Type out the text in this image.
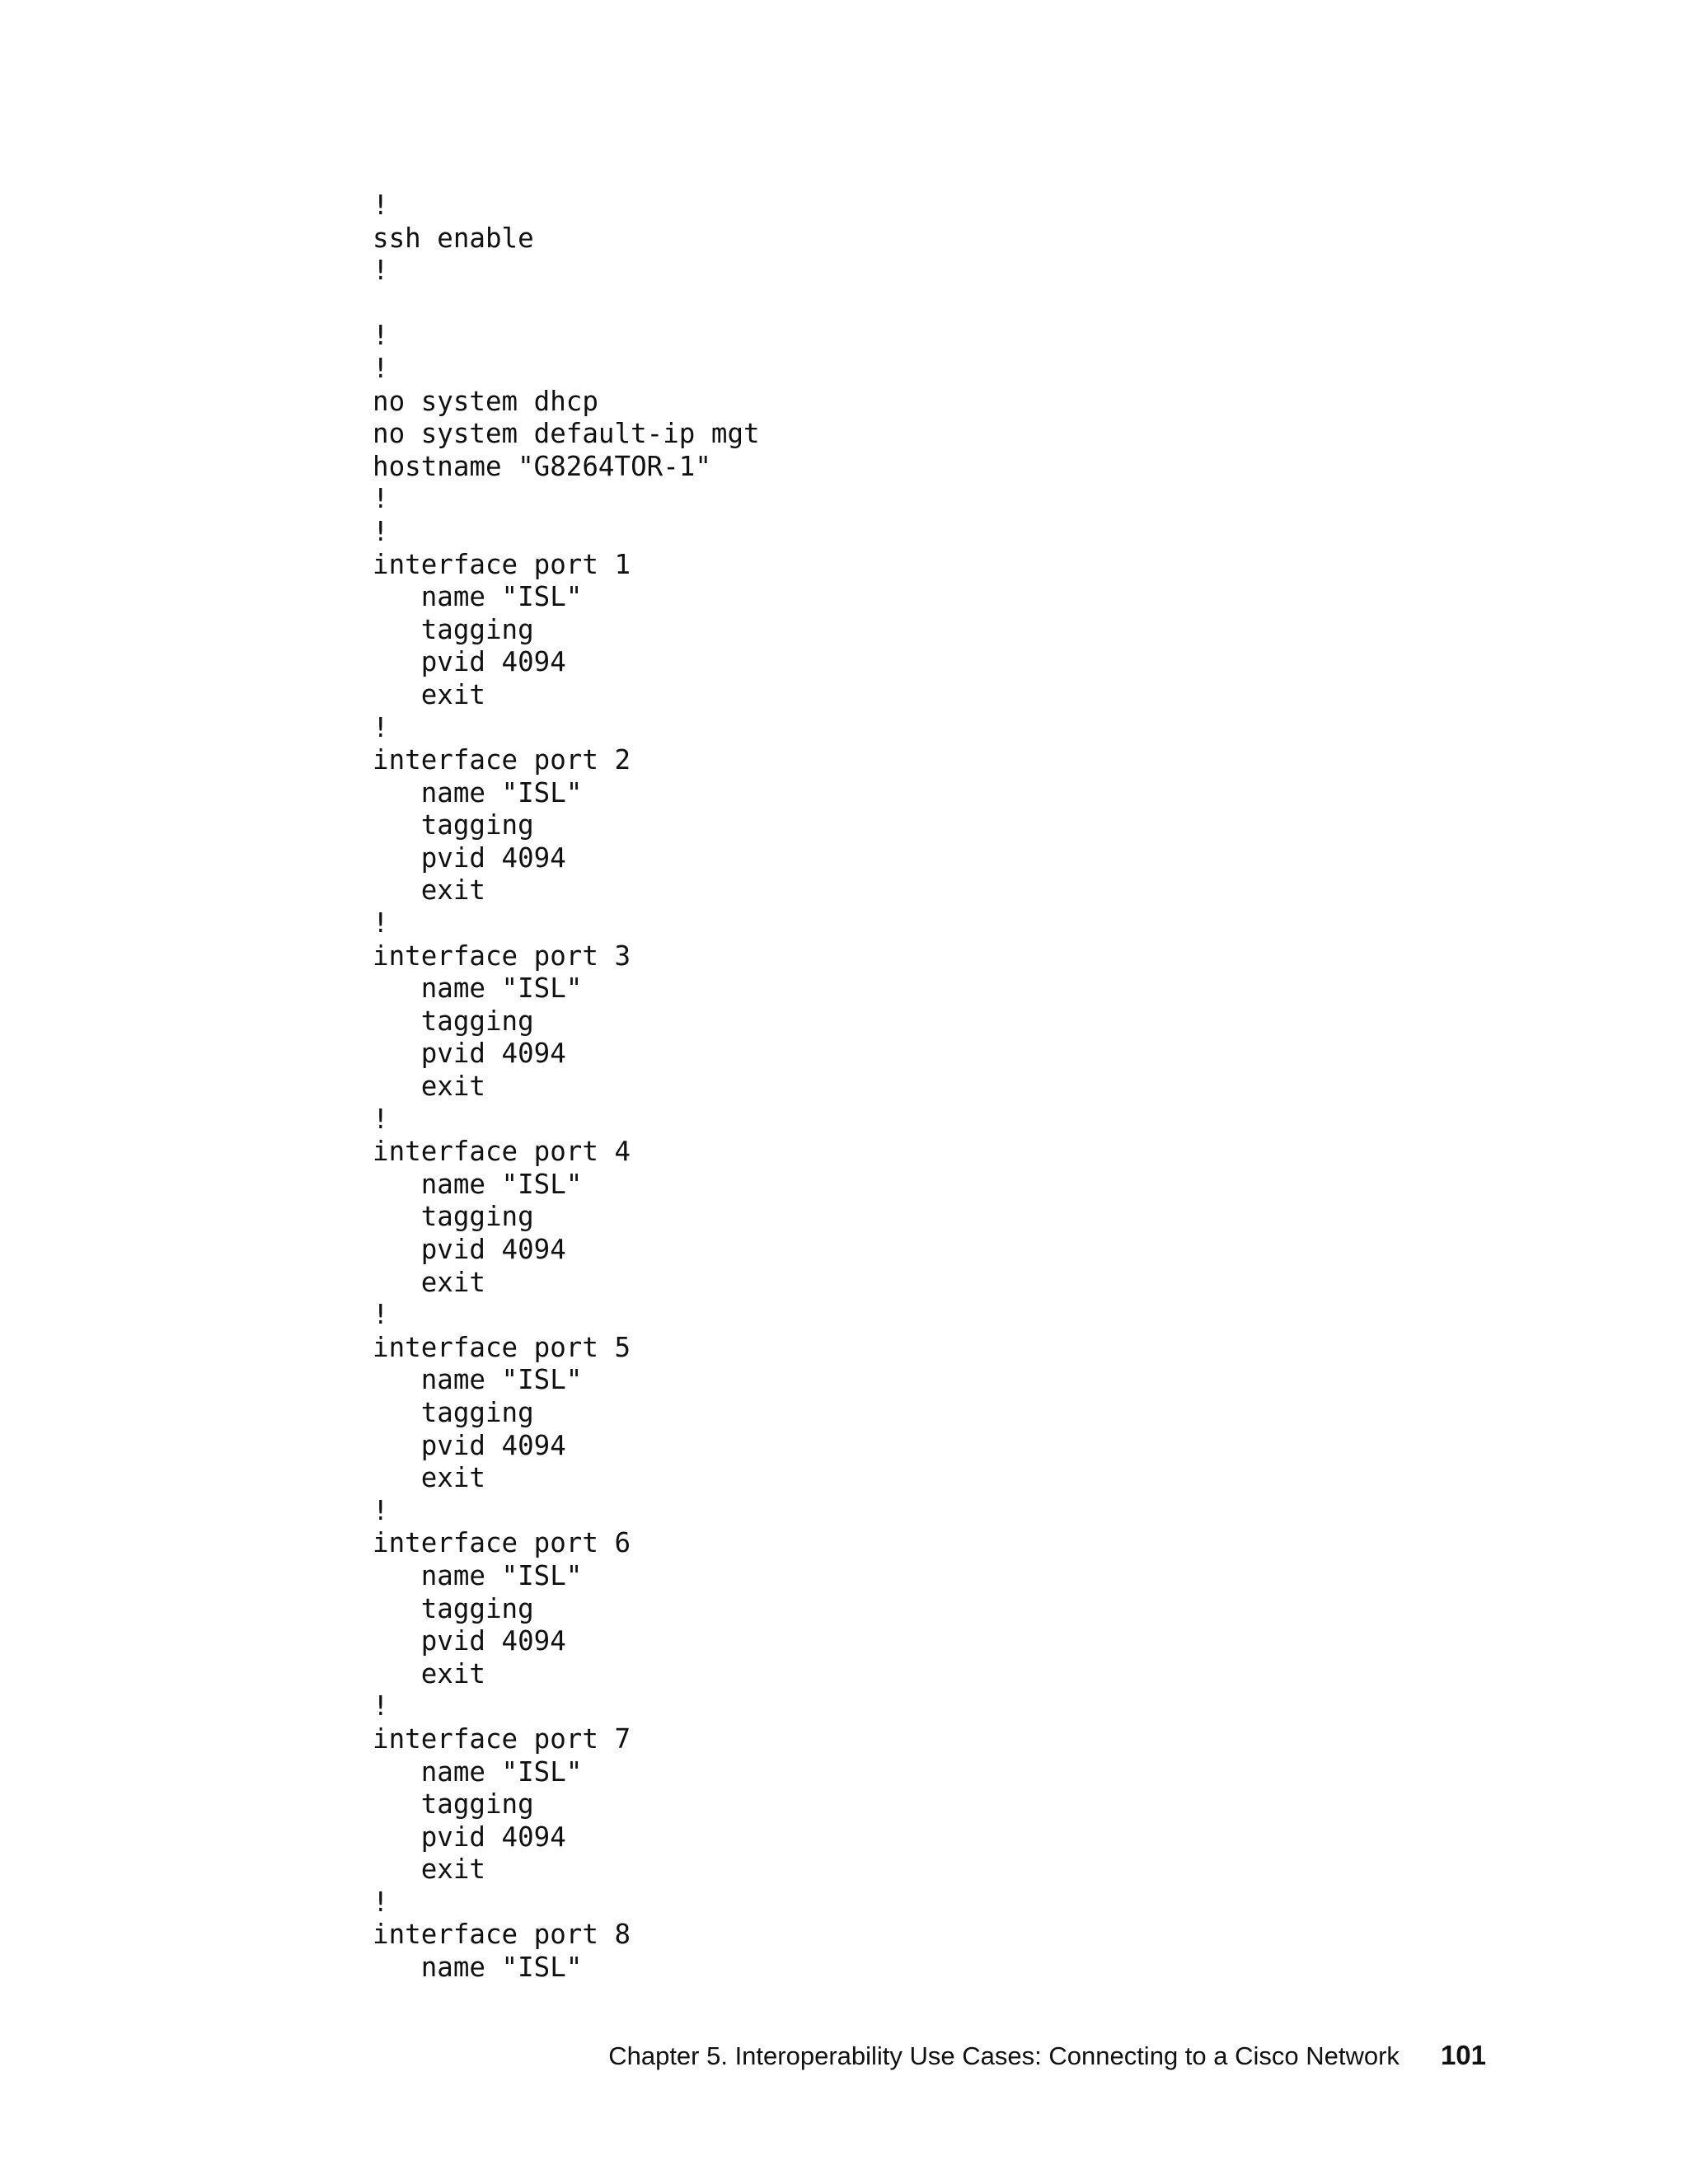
!
ssh enable
!
!
!
no system dhcp
no system default-ip mgt
hostname "G8264TOR-1"
!
!
interface port 1
name "ISL"
tagging
pvid 4094
exit
!
interface port 2
name "ISL"
tagging
pvid 4094
exit
!
interface port 3
name "ISL"
tagging
pvid 4094
exit
!
interface port 4
name "ISL"
tagging
pvid 4094
exit
!
interface port 5
name "ISL"
tagging
pvid 4094
exit
!
interface port 6
name "ISL"
tagging
pvid 4094
exit
!
interface port 7
name "ISL"
tagging
pvid 4094
exit
!
interface port 8
name "ISL"
Chapter 5. Interoperability Use Cases: Connecting to a Cisco Network 101
